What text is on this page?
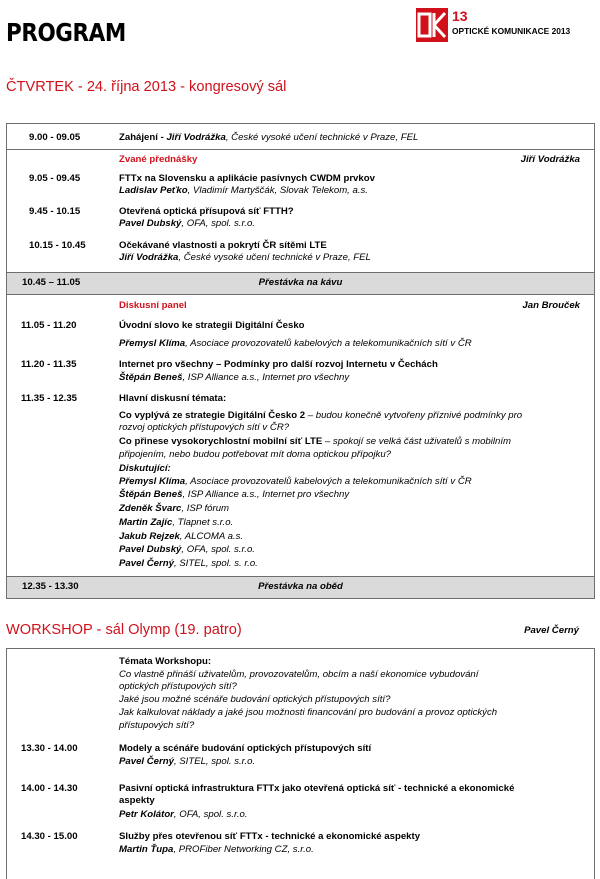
PROGRAM
13
OPTICKÉ KOMUNIKACE 2013
ČTVRTEK - 24. října 2013 - kongresový sál
9.00 - 09.05	Zahájení - Jiří Vodrážka, České vysoké učení technické v Praze, FEL
Zvané přednášky	Jiří Vodrážka
9.05 - 09.45	FTTx na Slovensku a aplikácie pasívnych CWDM prvkov
Ladislav Peťko, Vladimír Martyščák, Slovak Telekom, a.s.
9.45 - 10.15	Otevřená optická přísupová síť FTTH?
Pavel Dubský, OFA, spol. s.r.o.
10.15 - 10.45	Očekávané vlastnosti a pokrytí ČR sítěmi LTE
Jiří Vodrážka, České vysoké učení technické v Praze, FEL
10.45 – 11.05	Přestávka na kávu
Diskusní panel	Jan Brouček
11.05 - 11.20	Úvodní slovo ke strategii Digitální Česko
Přemysl Klíma, Asociace provozovatelů kabelových a telekomunikačních sítí v ČR
11.20 - 11.35	Internet pro všechny – Podmínky pro další rozvoj Internetu v Čechách
Štěpán Beneš, ISP Alliance a.s., Internet pro všechny
11.35 - 12.35	Hlavní diskusní témata:
Co vyplývá ze strategie Digitální Česko 2 – budou konečně vytvořeny příznivé podmínky pro
rozvoj optických přístupových sítí v ČR?
Co přinese vysokorychlostní mobilní síť LTE – spokojí se velká část uživatelů s mobilním
připojením, nebo budou potřebovat mít doma optickou přípojku?
Diskutující:
Přemysl Klíma, Asociace provozovatelů kabelových a telekomunikačních sítí v ČR
Štěpán Beneš, ISP Alliance a.s., Internet pro všechny
Zdeněk Švarc, ISP fórum
Martin Zajíc, Tlapnet s.r.o.
Jakub Rejzek, ALCOMA a.s.
Pavel Dubský, OFA, spol. s.r.o.
Pavel Černý, SITEL, spol. s. r.o.
12.35 - 13.30	Přestávka na oběd
WORKSHOP - sál Olymp (19. patro)	Pavel Černý
Témata Workshopu:
Co vlastně přináší uživatelům, provozovatelům, obcím a naší ekonomice vybudování
optických přístupových sítí?
Jaké jsou možné scénáře budování optických přístupových sítí?
Jak kalkulovat náklady a jaké jsou možnosti financování pro budování a provoz optických
přístupových sítí?
13.30 - 14.00	Modely a scénáře budování optických přístupových sítí
Pavel Černý, SITEL, spol. s.r.o.
14.00 - 14.30	Pasivní optická infrastruktura FTTx jako otevřená optická síť - technické a ekonomické
aspekty
Petr Kolátor, OFA, spol. s.r.o.
14.30 - 15.00	Služby přes otevřenou síť FTTx - technické a ekonomické aspekty
Martin Ťupa, PROFiber Networking CZ, s.r.o.
